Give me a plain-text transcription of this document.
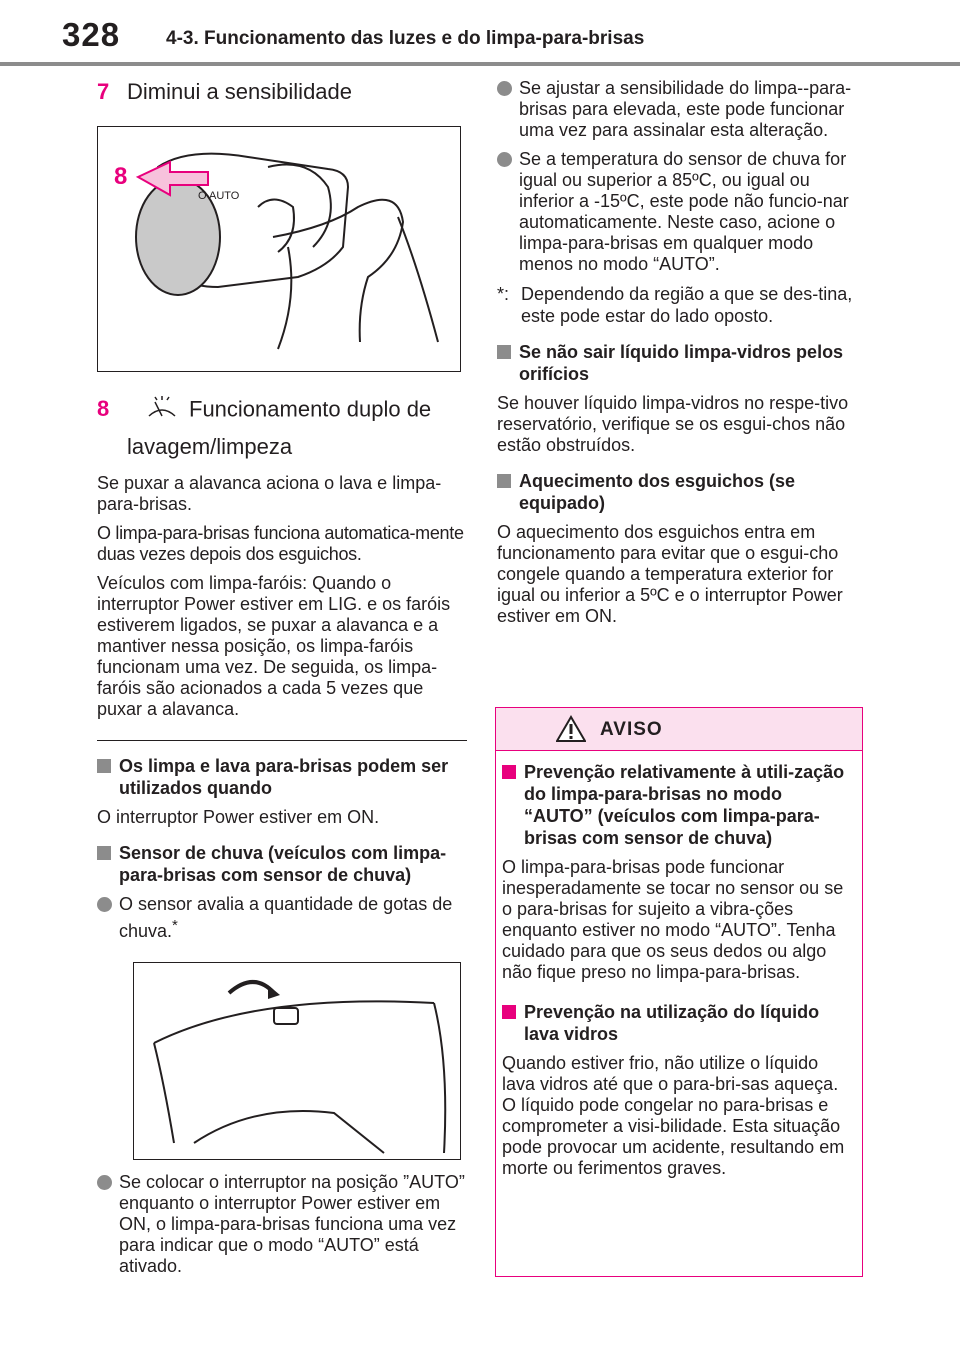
328 4-3. Funcionamento das luzes e do limpa-para-brisas

7 Diminui a sensibilidade

O AUTO
8

8	Funcionamento duplo de

lavagem/limpeza

Se puxar a alavanca aciona o lava e limpa-para-brisas.

O limpa-para-brisas funciona automatica-mente duas vezes depois dos esguichos.

Veículos com limpa-faróis: Quando o interruptor Power estiver em LIG. e os faróis estiverem ligados, se puxar a alavanca e a mantiver nessa posição, os limpa-faróis funcionam uma vez. De seguida, os limpa-faróis são acionados a cada 5 vezes que puxar a alavanca.

Os limpa e lava para-brisas podem ser utilizados quando

O interruptor Power estiver em ON.

Sensor de chuva (veículos com limpa-para-brisas com sensor de chuva)
O sensor avalia a quantidade de gotas de chuva.*
Se colocar o interruptor na posição ”AUTO” enquanto o interruptor Power estiver em ON, o limpa-para-brisas funciona uma vez para indicar que o modo “AUTO” está ativado.
Se ajustar a sensibilidade do limpa--para-brisas para elevada, este pode funcionar uma vez para assinalar esta alteração.
Se a temperatura do sensor de chuva for igual ou superior a 85ºC, ou igual ou inferior a -15ºC, este pode não funcio-nar automaticamente. Neste caso, acione o limpa-para-brisas em qualquer modo menos no modo “AUTO”.
*: Dependendo da região a que se des-tina, este pode estar do lado oposto.
Se não sair líquido limpa-vidros pelos orifícios

Se houver líquido limpa-vidros no respe-tivo reservatório, verifique se os esgui-chos não estão obstruídos.

Aquecimento dos esguichos (se equipado)

O aquecimento dos esguichos entra em funcionamento para evitar que o esgui-cho congele quando a temperatura exterior for igual ou inferior a 5ºC e o interruptor Power estiver em ON.

AVISO
Prevenção relativamente à utili-zação do limpa-para-brisas no modo “AUTO” (veículos com limpa-para-brisas com sensor de chuva)

O limpa-para-brisas pode funcionar inesperadamente se tocar no sensor ou se o para-brisas for sujeito a vibra-ções enquanto estiver no modo “AUTO”. Tenha cuidado para que os seus dedos ou algo não fique preso no limpa-para-brisas.

Prevenção na utilização do líquido lava vidros

Quando estiver frio, não utilize o líquido lava vidros até que o para-bri-sas aqueça. O líquido pode congelar no para-brisas e comprometer a visi-bilidade. Esta situação pode provocar um acidente, resultando em morte ou ferimentos graves.
